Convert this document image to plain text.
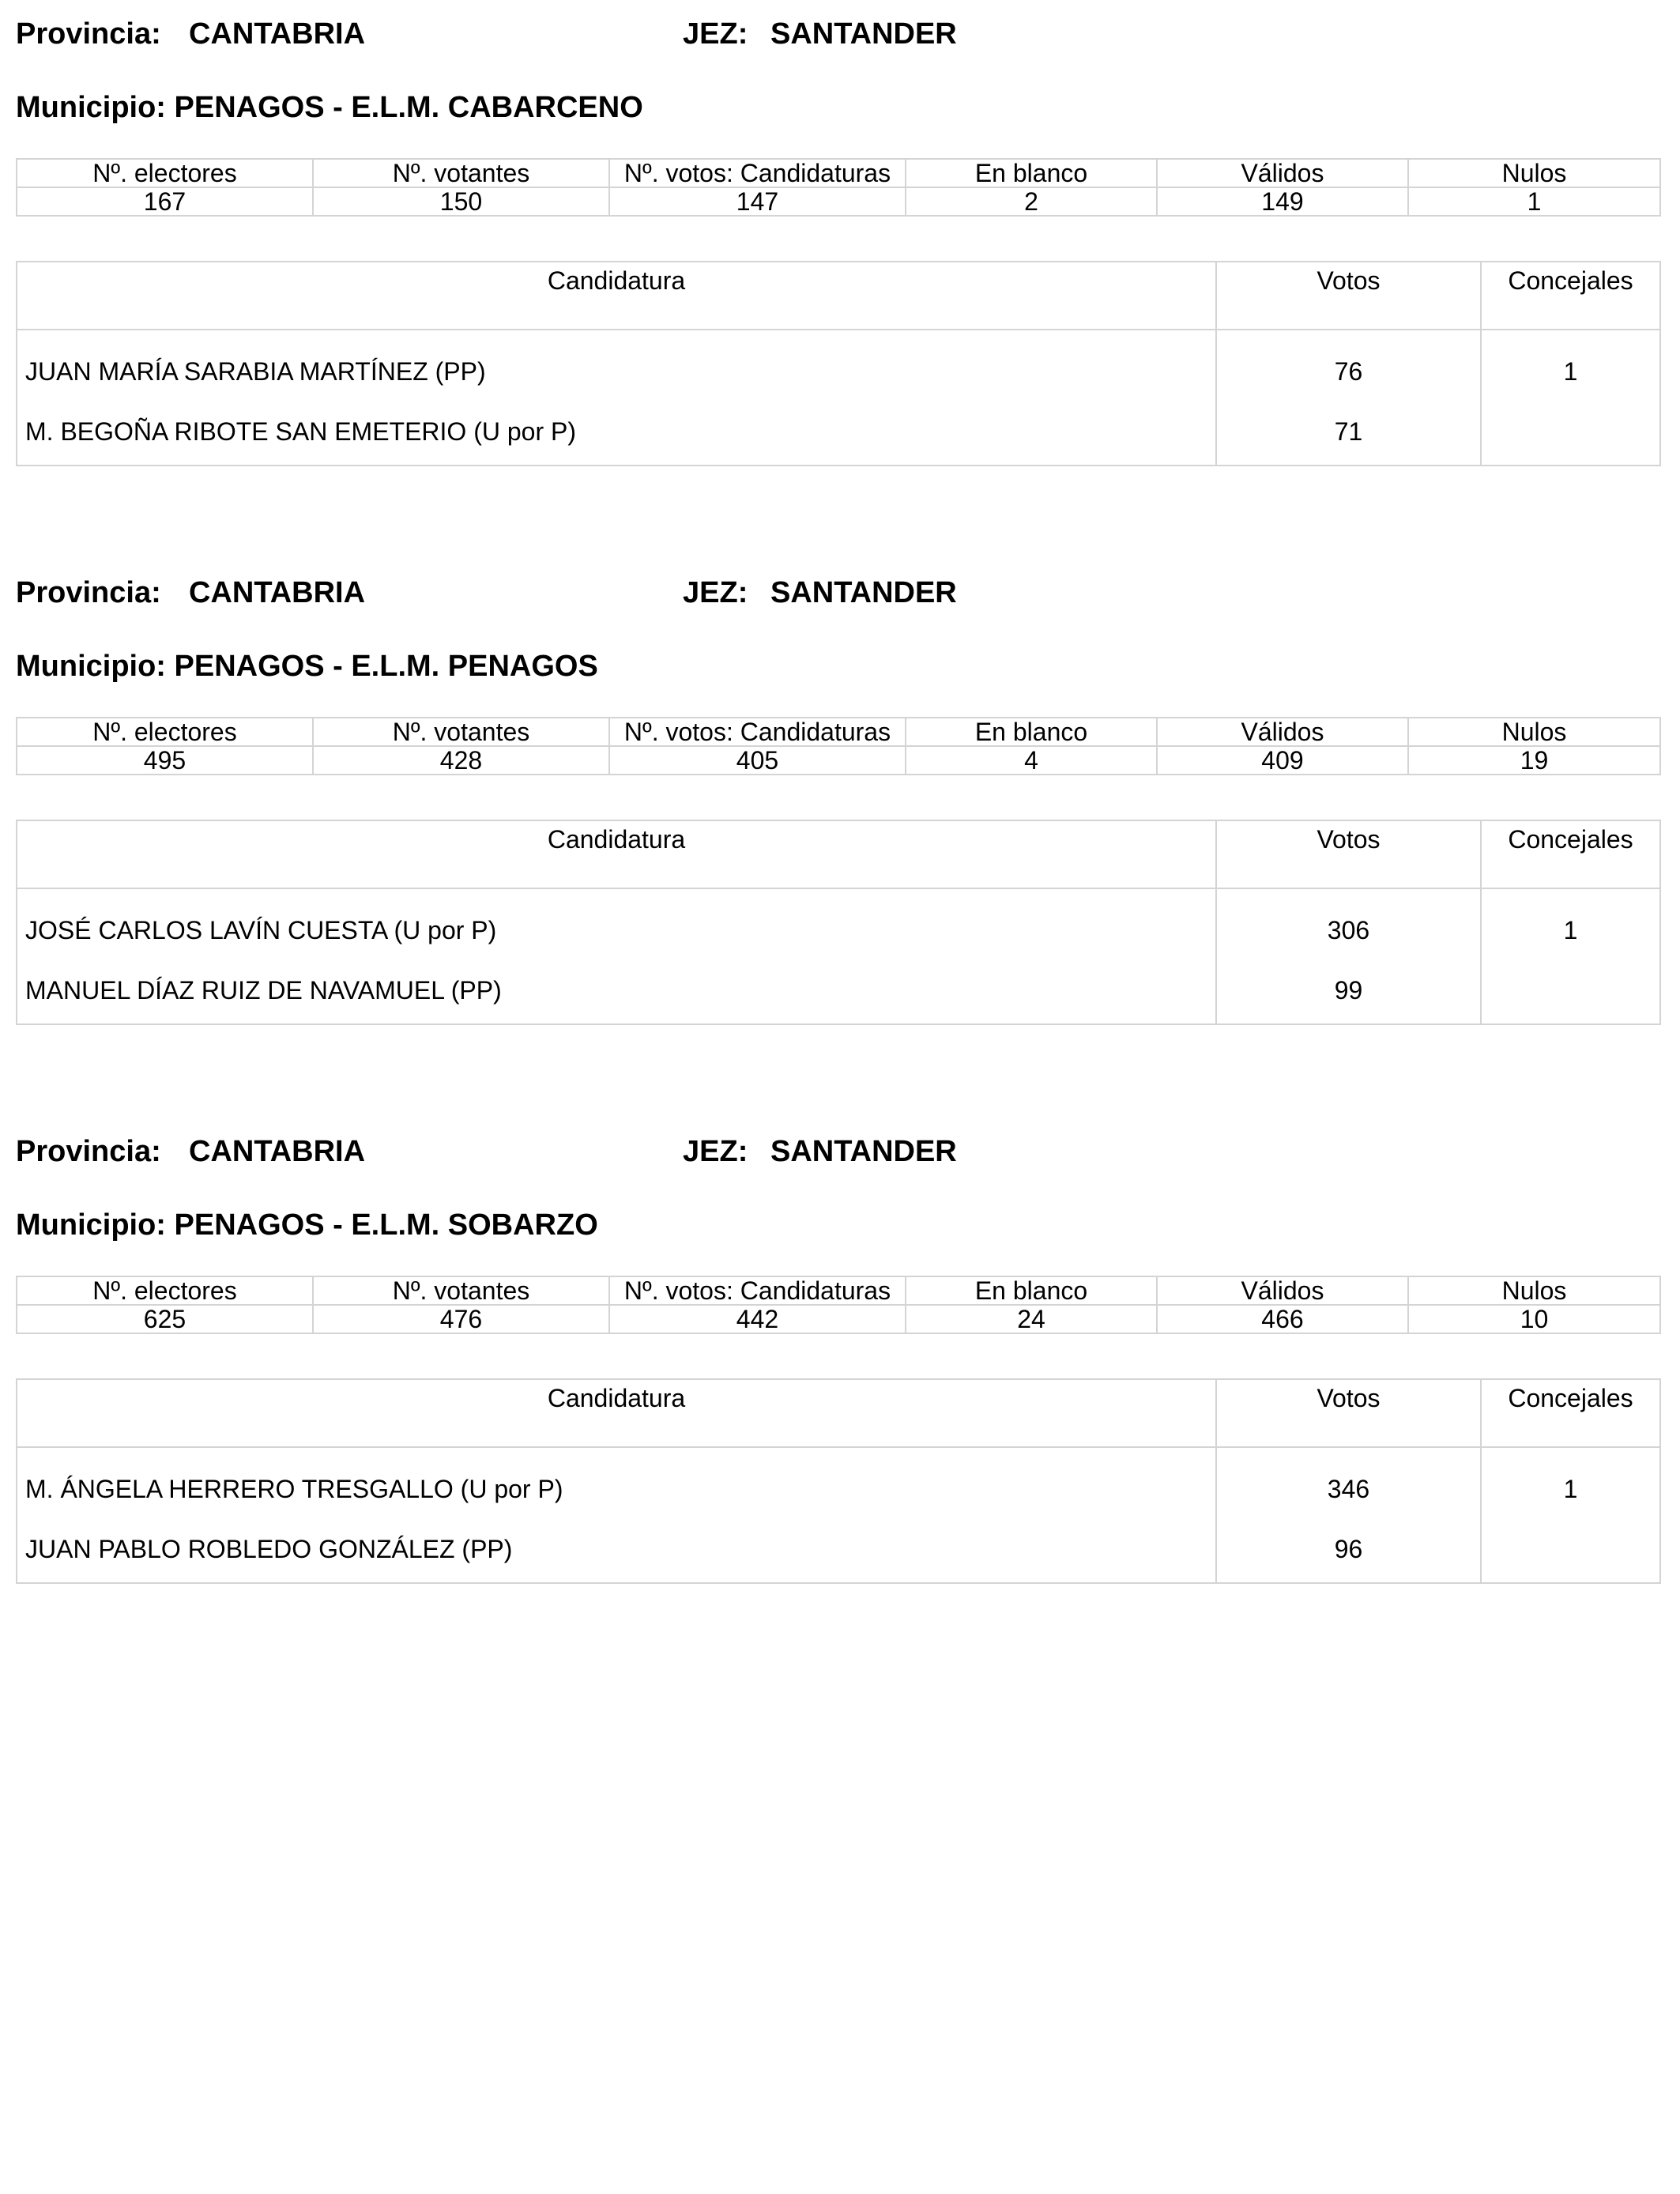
Provincia: CANTABRIA	JEZ: SANTANDER
Municipio: PENAGOS - E.L.M. CABARCENO
Nº. electores	Nº. votantes	Nº. votos: Candidaturas	En blanco	Válidos	Nulos
167	150	147	2	149	1
Candidatura	Votos	Concejales
JUAN MARÍA SARABIA MARTÍNEZ (PP)	76	1
M. BEGOÑA RIBOTE SAN EMETERIO (U por P)	71	
Provincia: CANTABRIA	JEZ: SANTANDER
Municipio: PENAGOS - E.L.M. PENAGOS
Nº. electores	Nº. votantes	Nº. votos: Candidaturas	En blanco	Válidos	Nulos
495	428	405	4	409	19
Candidatura	Votos	Concejales
JOSÉ CARLOS LAVÍN CUESTA (U por P)	306	1
MANUEL DÍAZ RUIZ DE NAVAMUEL (PP)	99	
Provincia: CANTABRIA	JEZ: SANTANDER
Municipio: PENAGOS - E.L.M. SOBARZO
Nº. electores	Nº. votantes	Nº. votos: Candidaturas	En blanco	Válidos	Nulos
625	476	442	24	466	10
Candidatura	Votos	Concejales
M. ÁNGELA HERRERO TRESGALLO (U por P)	346	1
JUAN PABLO ROBLEDO GONZÁLEZ (PP)	96	
